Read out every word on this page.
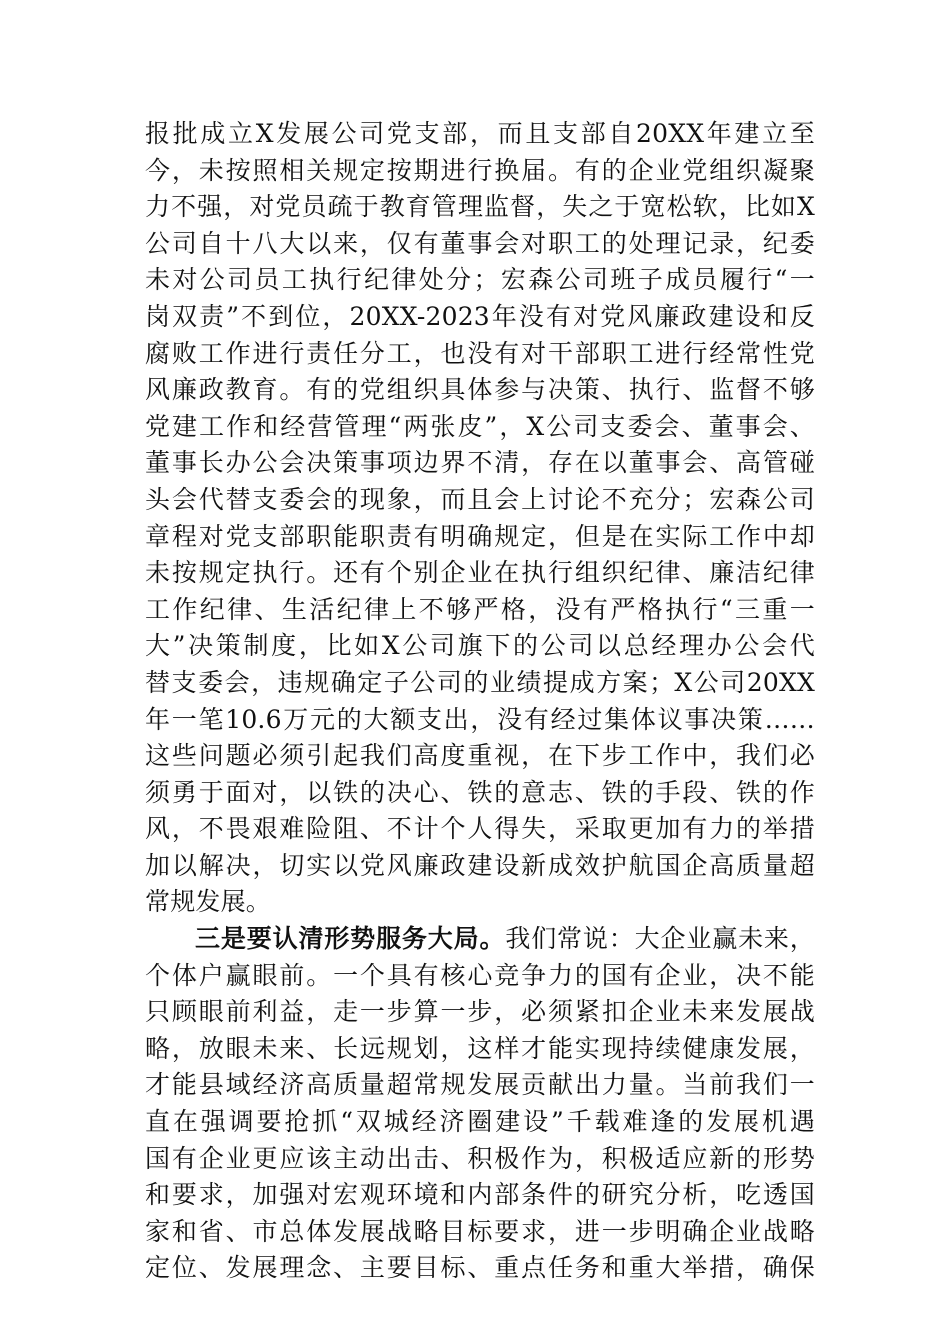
报批成立X发展公司党支部，而且支部自20XX年建立至
今，未按照相关规定按期进行换届。有的企业党组织凝聚
力不强，对党员疏于教育管理监督，失之于宽松软，比如X
公司自十八大以来，仅有董事会对职工的处理记录，纪委
未对公司员工执行纪律处分；宏森公司班子成员履行“一
岗双责”不到位，20XX-2023年没有对党风廉政建设和反
腐败工作进行责任分工，也没有对干部职工进行经常性党
风廉政教育。有的党组织具体参与决策、执行、监督不够
党建工作和经营管理“两张皮”，X公司支委会、董事会、
董事长办公会决策事项边界不清，存在以董事会、高管碰
头会代替支委会的现象，而且会上讨论不充分；宏森公司
章程对党支部职能职责有明确规定，但是在实际工作中却
未按规定执行。还有个别企业在执行组织纪律、廉洁纪律
工作纪律、生活纪律上不够严格，没有严格执行“三重一
大”决策制度，比如X公司旗下的公司以总经理办公会代
替支委会，违规确定子公司的业绩提成方案；X公司20XX
年一笔10.6万元的大额支出，没有经过集体议事决策……
这些问题必须引起我们高度重视，在下步工作中，我们必
须勇于面对，以铁的决心、铁的意志、铁的手段、铁的作
风，不畏艰难险阻、不计个人得失，采取更加有力的举措
加以解决，切实以党风廉政建设新成效护航国企高质量超
常规发展。
三是要认清形势服务大局。我们常说：大企业赢未来，
个体户赢眼前。一个具有核心竞争力的国有企业，决不能
只顾眼前利益，走一步算一步，必须紧扣企业未来发展战
略，放眼未来、长远规划，这样才能实现持续健康发展，
才能县域经济高质量超常规发展贡献出力量。当前我们一
直在强调要抢抓“双城经济圈建设”千载难逢的发展机遇
国有企业更应该主动出击、积极作为，积极适应新的形势
和要求，加强对宏观环境和内部条件的研究分析，吃透国
家和省、市总体发展战略目标要求，进一步明确企业战略
定位、发展理念、主要目标、重点任务和重大举措，确保
